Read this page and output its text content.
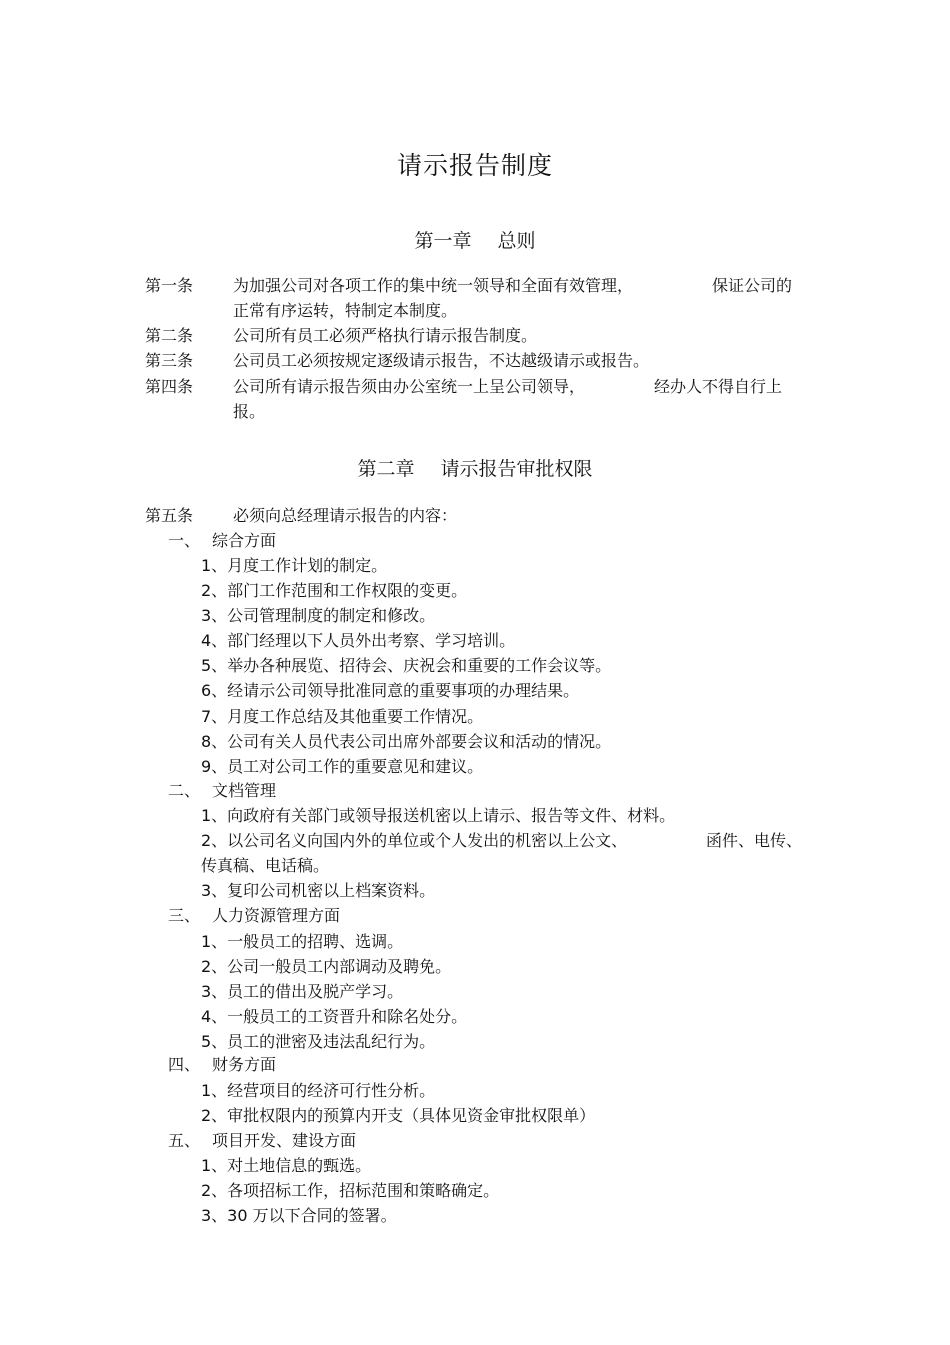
请示报告制度
第一章 总则
第一条 为加强公司对各项工作的集中统一领导和全面有效管理，	保证公司的
正常有序运转，特制定本制度。
第二条 公司所有员工必须严格执行请示报告制度。
第三条 公司员工必须按规定逐级请示报告，不达越级请示或报告。
第四条 公司所有请示报告须由办公室统一上呈公司领导，	经办人不得自行上
报。
第二章 请示报告审批权限
第五条 必须向总经理请示报告的内容：
一、 综合方面
1、月度工作计划的制定。
2、部门工作范围和工作权限的变更。
3、公司管理制度的制定和修改。
4、部门经理以下人员外出考察、学习培训。
5、举办各种展览、招待会、庆祝会和重要的工作会议等。
6、经请示公司领导批准同意的重要事项的办理结果。
7、月度工作总结及其他重要工作情况。
8、公司有关人员代表公司出席外部要会议和活动的情况。
9、员工对公司工作的重要意见和建议。
二、 文档管理
1、向政府有关部门或领导报送机密以上请示、报告等文件、材料。
2、以公司名义向国内外的单位或个人发出的机密以上公文、	函件、电传、
传真稿、电话稿。
3、复印公司机密以上档案资料。
三、 人力资源管理方面
1、一般员工的招聘、选调。
2、公司一般员工内部调动及聘免。
3、员工的借出及脱产学习。
4、一般员工的工资晋升和除名处分。
5、员工的泄密及违法乱纪行为。
四、 财务方面
1、经营项目的经济可行性分析。
2、审批权限内的预算内开支（具体见资金审批权限单）
五、 项目开发、建设方面
1、对土地信息的甄选。
2、各项招标工作，招标范围和策略确定。
3、30 万以下合同的签署。
